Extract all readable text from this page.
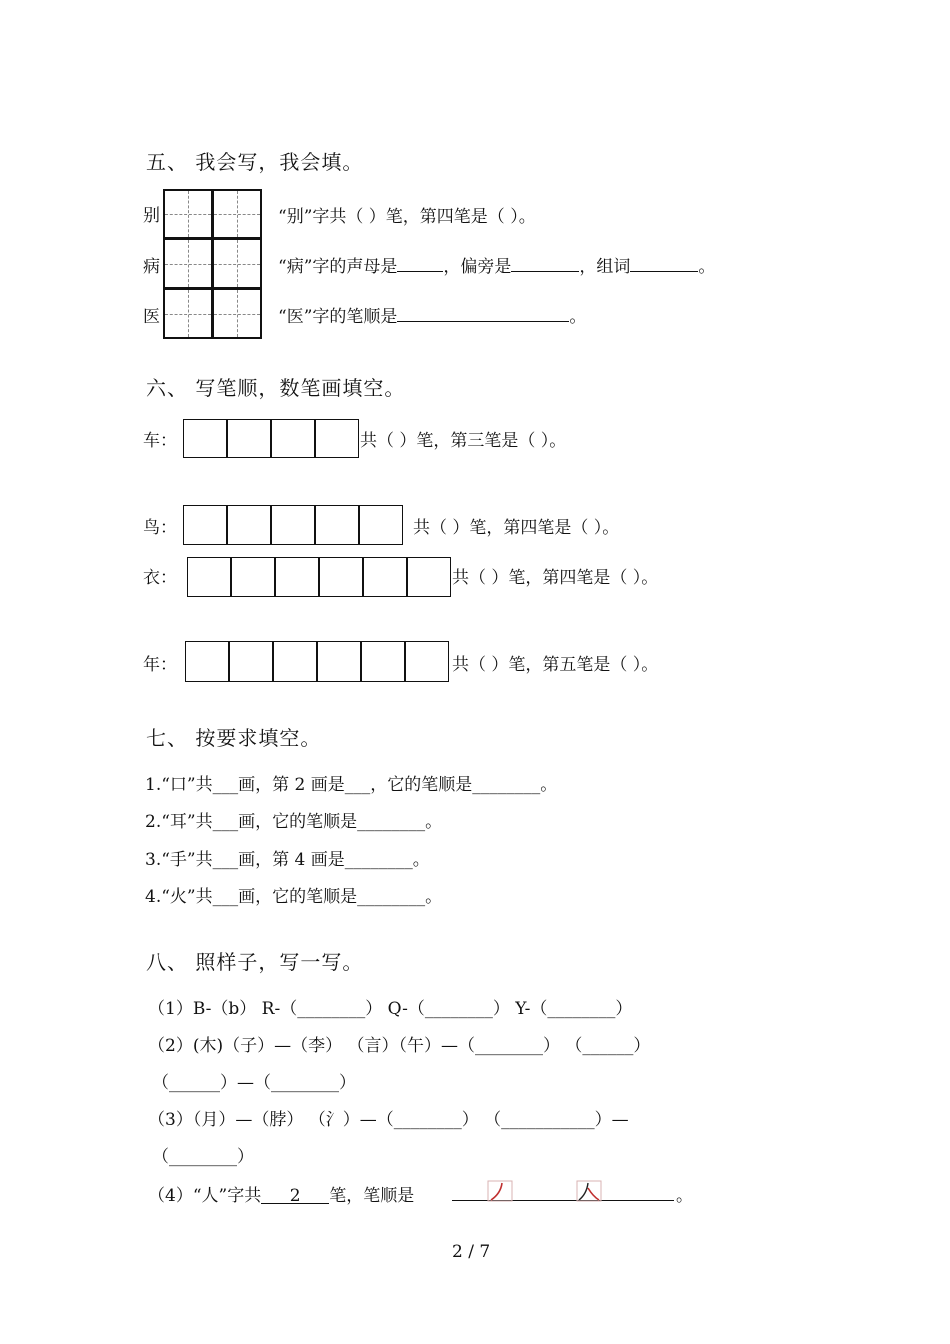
五、 我会写，我会填。
别	“别”字共（ ）笔，第四笔是（ ）。
病	“病”字的声母是	，偏旁是	，组词	。
医	“医”字的笔顺是	。
六、 写笔顺，数笔画填空。
车：	共（ ）笔，第三笔是（ ）。
鸟：	共（ ）笔，第四笔是（ ）。
衣：	共（ ）笔，第四笔是（ ）。
年：	共（ ）笔，第五笔是（ ）。
七、 按要求填空。
1.“口”共___画，第 2 画是___，它的笔顺是________。
2.“耳”共___画，它的笔顺是________。
3.“手”共___画，第 4 画是________。
4.“火”共___画，它的笔顺是________。
八、 照样子，写一写。
（1）B-（b） R-（________） Q-（________） Y-（________）
（2）(木)（子）—（李） （言）（午）—（________） （______）
（______）—（________）
（3）（月）—（脖） （氵）—（________） （___________）—
（________）
（4）“人”字共 2 笔，笔顺是	。
2 / 7
